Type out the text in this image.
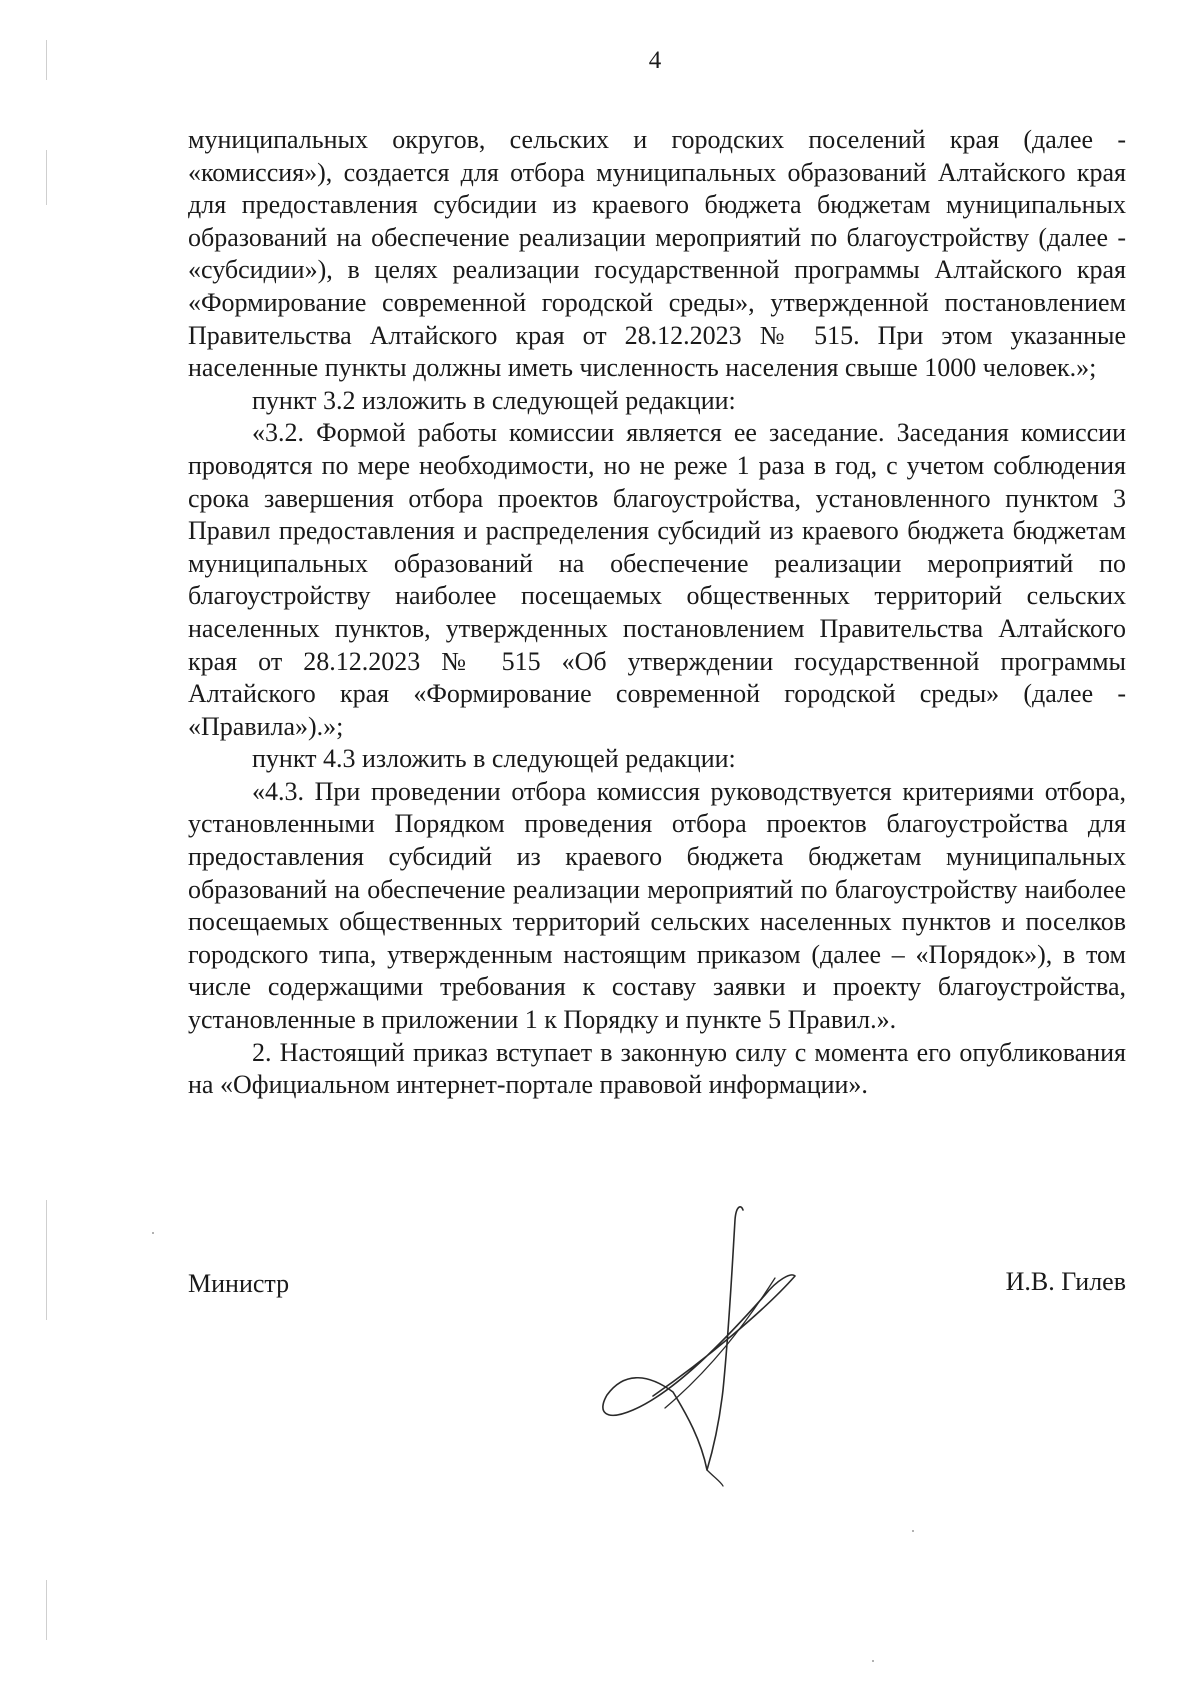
4

муниципальных округов, сельских и городских поселений края (далее - «комиссия»), создается для отбора муниципальных образований Алтайского края для предоставления субсидии из краевого бюджета бюджетам муниципальных образований на обеспечение реализации мероприятий по благоустройству (далее - «субсидии»), в целях реализации государственной программы Алтайского края «Формирование современной городской среды», утвержденной постановлением Правительства Алтайского края от 28.12.2023 № 515. При этом указанные населенные пункты должны иметь численность населения свыше 1000 человек.»;

пункт 3.2 изложить в следующей редакции:

«3.2. Формой работы комиссии является ее заседание. Заседания комиссии проводятся по мере необходимости, но не реже 1 раза в год, с учетом соблюдения срока завершения отбора проектов благоустройства, установленного пунктом 3 Правил предоставления и распределения субсидий из краевого бюджета бюджетам муниципальных образований на обеспечение реализации мероприятий по благоустройству наиболее посещаемых общественных территорий сельских населенных пунктов, утвержденных постановлением Правительства Алтайского края от 28.12.2023 № 515 «Об утверждении государственной программы Алтайского края «Формирование современной городской среды» (далее - «Правила»).»;

пункт 4.3 изложить в следующей редакции:

«4.3. При проведении отбора комиссия руководствуется критериями отбора, установленными Порядком проведения отбора проектов благоустройства для предоставления субсидий из краевого бюджета бюджетам муниципальных образований на обеспечение реализации мероприятий по благоустройству наиболее посещаемых общественных территорий сельских населенных пунктов и поселков городского типа, утвержденным настоящим приказом (далее – «Порядок»), в том числе содержащими требования к составу заявки и проекту благоустройства, установленные в приложении 1 к Порядку и пункте 5 Правил.».

2. Настоящий приказ вступает в законную силу с момента его опубликования на «Официальном интернет-портале правовой информации».

Министр	И.В. Гилев
